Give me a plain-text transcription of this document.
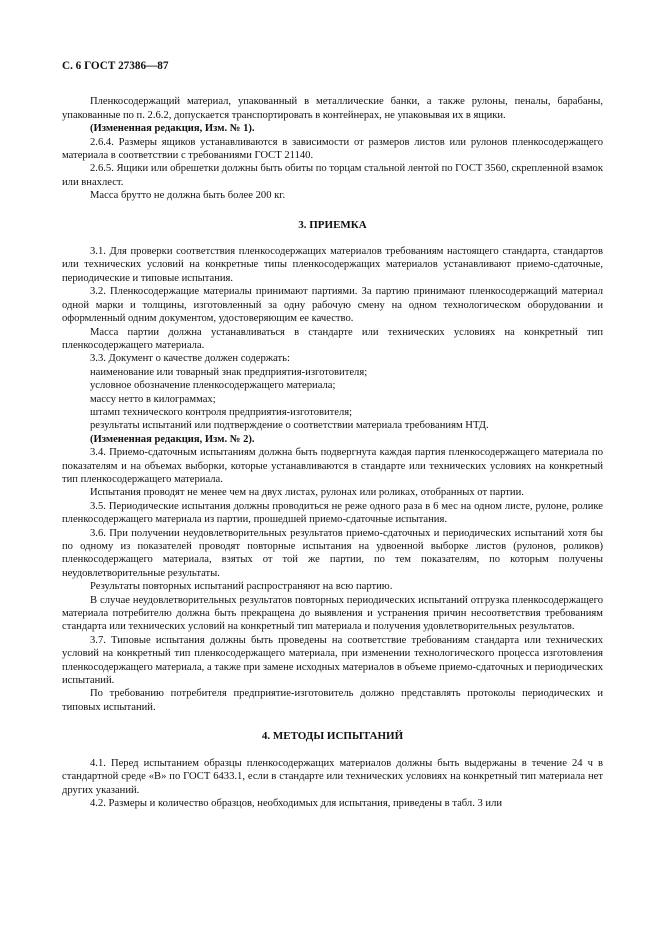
С. 6 ГОСТ 27386—87

Пленкосодержащий материал, упакованный в металлические банки, а также рулоны, пеналы, барабаны, упакованные по п. 2.6.2, допускается транспортировать в контейнерах, не упаковывая их в ящики.

(Измененная редакция, Изм. № 1).

2.6.4. Размеры ящиков устанавливаются в зависимости от размеров листов или рулонов пленкосодержащего материала в соответствии с требованиями ГОСТ 21140.

2.6.5. Ящики или обрешетки должны быть обиты по торцам стальной лентой по ГОСТ 3560, скрепленной взамок или внахлест.

Масса брутто не должна быть более 200 кг.

3. ПРИЕМКА

3.1. Для проверки соответствия пленкосодержащих материалов требованиям настоящего стандарта, стандартов или технических условий на конкретные типы пленкосодержащих материалов устанавливают приемо-сдаточные, периодические и типовые испытания.

3.2. Пленкосодержащие материалы принимают партиями. За партию принимают пленкосодержащий материал одной марки и толщины, изготовленный за одну рабочую смену на одном технологическом оборудовании и оформленный одним документом, удостоверяющим ее качество.

Масса партии должна устанавливаться в стандарте или технических условиях на конкретный тип пленкосодержащего материала.

3.3. Документ о качестве должен содержать:

наименование или товарный знак предприятия-изготовителя;

условное обозначение пленкосодержащего материала;

массу нетто в килограммах;

штамп технического контроля предприятия-изготовителя;

результаты испытаний или подтверждение о соответствии материала требованиям НТД.

(Измененная редакция, Изм. № 2).

3.4. Приемо-сдаточным испытаниям должна быть подвергнута каждая партия пленкосодержащего материала по показателям и на объемах выборки, которые устанавливаются в стандарте или технических условиях на конкретный тип пленкосодержащего материала.

Испытания проводят не менее чем на двух листах, рулонах или роликах, отобранных от партии.

3.5. Периодические испытания должны проводиться не реже одного раза в 6 мес на одном листе, рулоне, ролике пленкосодержащего материала из партии, прошедшей приемо-сдаточные испытания.

3.6. При получении неудовлетворительных результатов приемо-сдаточных и периодических испытаний хотя бы по одному из показателей проводят повторные испытания на удвоенной выборке листов (рулонов, роликов) пленкосодержащего материала, взятых от той же партии, по тем показателям, по которым получены неудовлетворительные результаты.

Результаты повторных испытаний распространяют на всю партию.

В случае неудовлетворительных результатов повторных периодических испытаний отгрузка пленкосодержащего материала потребителю должна быть прекращена до выявления и устранения причин несоответствия требованиям стандарта или технических условий на конкретный тип материала и получения удовлетворительных результатов.

3.7. Типовые испытания должны быть проведены на соответствие требованиям стандарта или технических условий на конкретный тип пленкосодержащего материала, при изменении технологического процесса изготовления пленкосодержащего материала, а также при замене исходных материалов в объеме приемо-сдаточных и периодических испытаний.

По требованию потребителя предприятие-изготовитель должно представлять протоколы периодических и типовых испытаний.

4. МЕТОДЫ ИСПЫТАНИЙ

4.1. Перед испытанием образцы пленкосодержащих материалов должны быть выдержаны в течение 24 ч в стандартной среде «В» по ГОСТ 6433.1, если в стандарте или технических условиях на конкретный тип материала нет других указаний.

4.2. Размеры и количество образцов, необходимых для испытания, приведены в табл. 3 или
